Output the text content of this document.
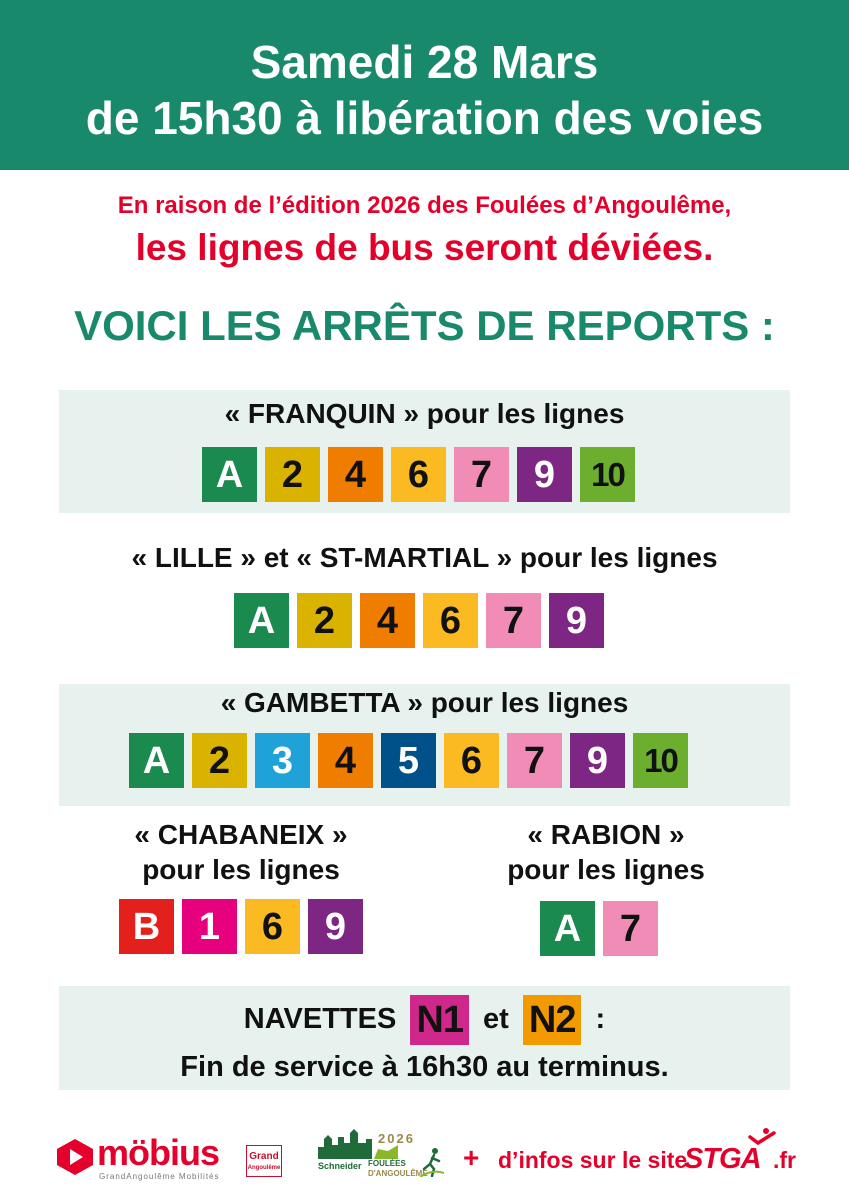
Samedi 28 Mars
de 15h30 à libération des voies
En raison de l’édition 2026 des Foulées d’Angoulême,
les lignes de bus seront déviées.
VOICI LES ARRÊTS DE REPORTS :
« FRANQUIN » pour les lignes
A	2	4	6	7	9	10
« LILLE » et « ST-MARTIAL » pour les lignes
A	2	4	6	7	9
« GAMBETTA » pour les lignes
A	2	3	4	5	6	7	9	10
« CHABANEIX »
pour les lignes
B	1	6	9
« RABION »
pour les lignes
A	7
NAVETTES N1 et N2 :
Fin de service à 16h30 au terminus.
möbius
GrandAngoulême Mobilités
Grand
Angoulême
2026
Schneider FOULÉES
D'ANGOULÊME
+ d’infos sur le site
STGA .fr
